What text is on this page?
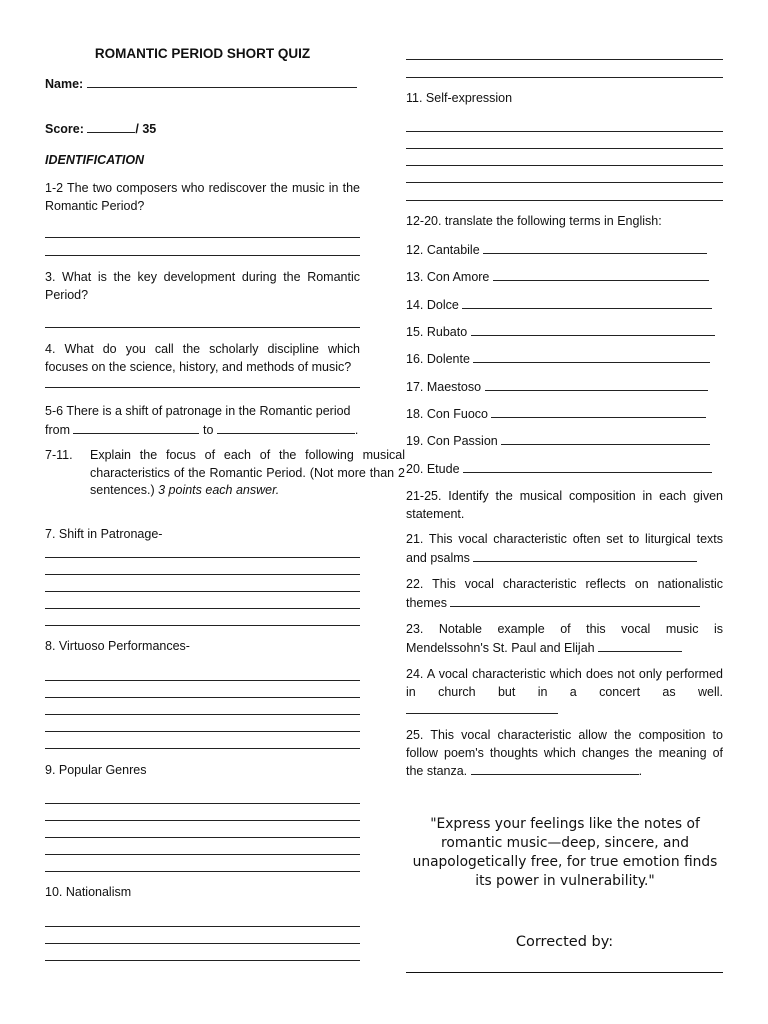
ROMANTIC PERIOD SHORT QUIZ
Name:
Score:	/ 35
IDENTIFICATION
1-2 The two composers who rediscover the music in the Romantic Period?
3. What is the key development during the Romantic Period?
4. What do you call the scholarly discipline which focuses on the science, history, and methods of music?
5-6 There is a shift of patronage in the Romantic period from	to	.
7-11. Explain the focus of each of the following musical characteristics of the Romantic Period. (Not more than 2 sentences.) 3 points each answer.
7. Shift in Patronage-
8. Virtuoso Performances-
9. Popular Genres
10. Nationalism
11. Self-expression
12-20. translate the following terms in English:
12. Cantabile
13. Con Amore
14. Dolce
15. Rubato
16. Dolente
17. Maestoso
18. Con Fuoco
19. Con Passion
20. Etude
21-25. Identify the musical composition in each given statement.
21. This vocal characteristic often set to liturgical texts and psalms
22. This vocal characteristic reflects on nationalistic themes
23. Notable example of this vocal music is Mendelssohn's St. Paul and Elijah
24. A vocal characteristic which does not only performed in church but in a concert as well.
25. This vocal characteristic allow the composition to follow poem's thoughts which changes the meaning of the stanza.	.
"Express your feelings like the notes of romantic music—deep, sincere, and unapologetically free, for true emotion finds its power in vulnerability."
Corrected by:
